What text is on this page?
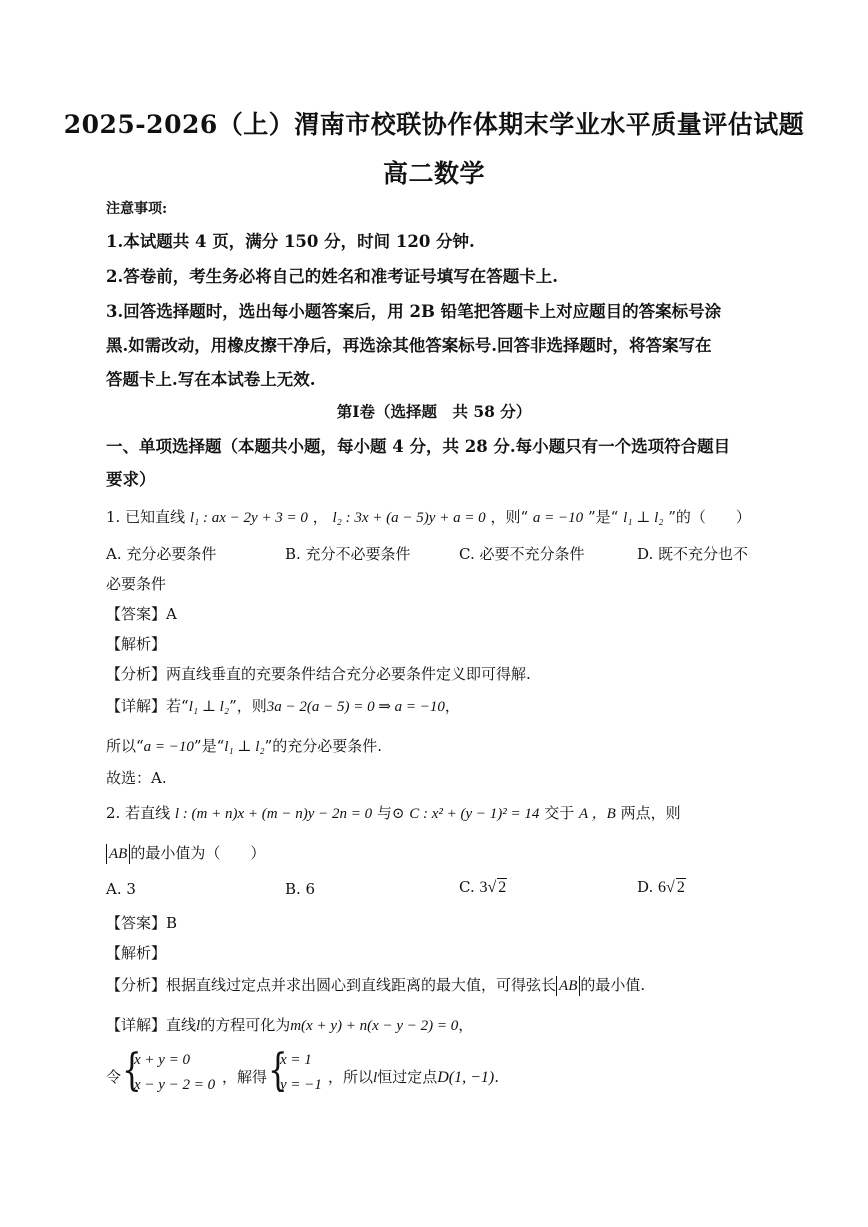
2025-2026（上）渭南市校联协作体期末学业水平质量评估试题
高二数学
注意事项:
1.本试题共 4 页，满分 150 分，时间 120 分钟.
2.答卷前，考生务必将自己的姓名和准考证号填写在答题卡上.
3.回答选择题时，选出每小题答案后，用 2B 铅笔把答题卡上对应题目的答案标号涂
黑.如需改动，用橡皮擦干净后，再选涂其他答案标号.回答非选择题时，将答案写在
答题卡上.写在本试卷上无效.
第Ⅰ卷（选择题　共 58 分）
一、单项选择题（本题共小题，每小题 4 分，共 28 分.每小题只有一个选项符合题目
要求）
1. 已知直线 l₁ : ax − 2y + 3 = 0 ， l₂ : 3x + (a − 5)y + a = 0 ，则“ a = −10 ”是“ l₁ ⊥ l₂ ”的（　　）
A. 充分必要条件	B. 充分不必要条件	C. 必要不充分条件	D. 既不充分也不
必要条件
【答案】A
【解析】
【分析】两直线垂直的充要条件结合充分必要条件定义即可得解.
【详解】若“l₁ ⊥ l₂”，则3a − 2(a − 5) = 0 ⇒ a = −10，
所以“a = −10”是“l₁ ⊥ l₂”的充分必要条件.
故选：A.
2. 若直线 l : (m + n)x + (m − n)y − 2n = 0 与⊙ C : x² + (y − 1)² = 14 交于 A ，B 两点，则
AB 的最小值为（　　）
A. 3	B. 6	C. 3√ 2	D. 6√ 2
【答案】B
【解析】
【分析】根据直线过定点并求出圆心到直线距离的最大值，可得弦长 AB 的最小值.
【详解】直线l的方程可化为m(x + y) + n(x − y − 2) = 0，
令 {
x + y = 0
x − y − 2 = 0 ，解得 {
x = 1
y = −1 ，所以l恒过定点D(1, −1).
